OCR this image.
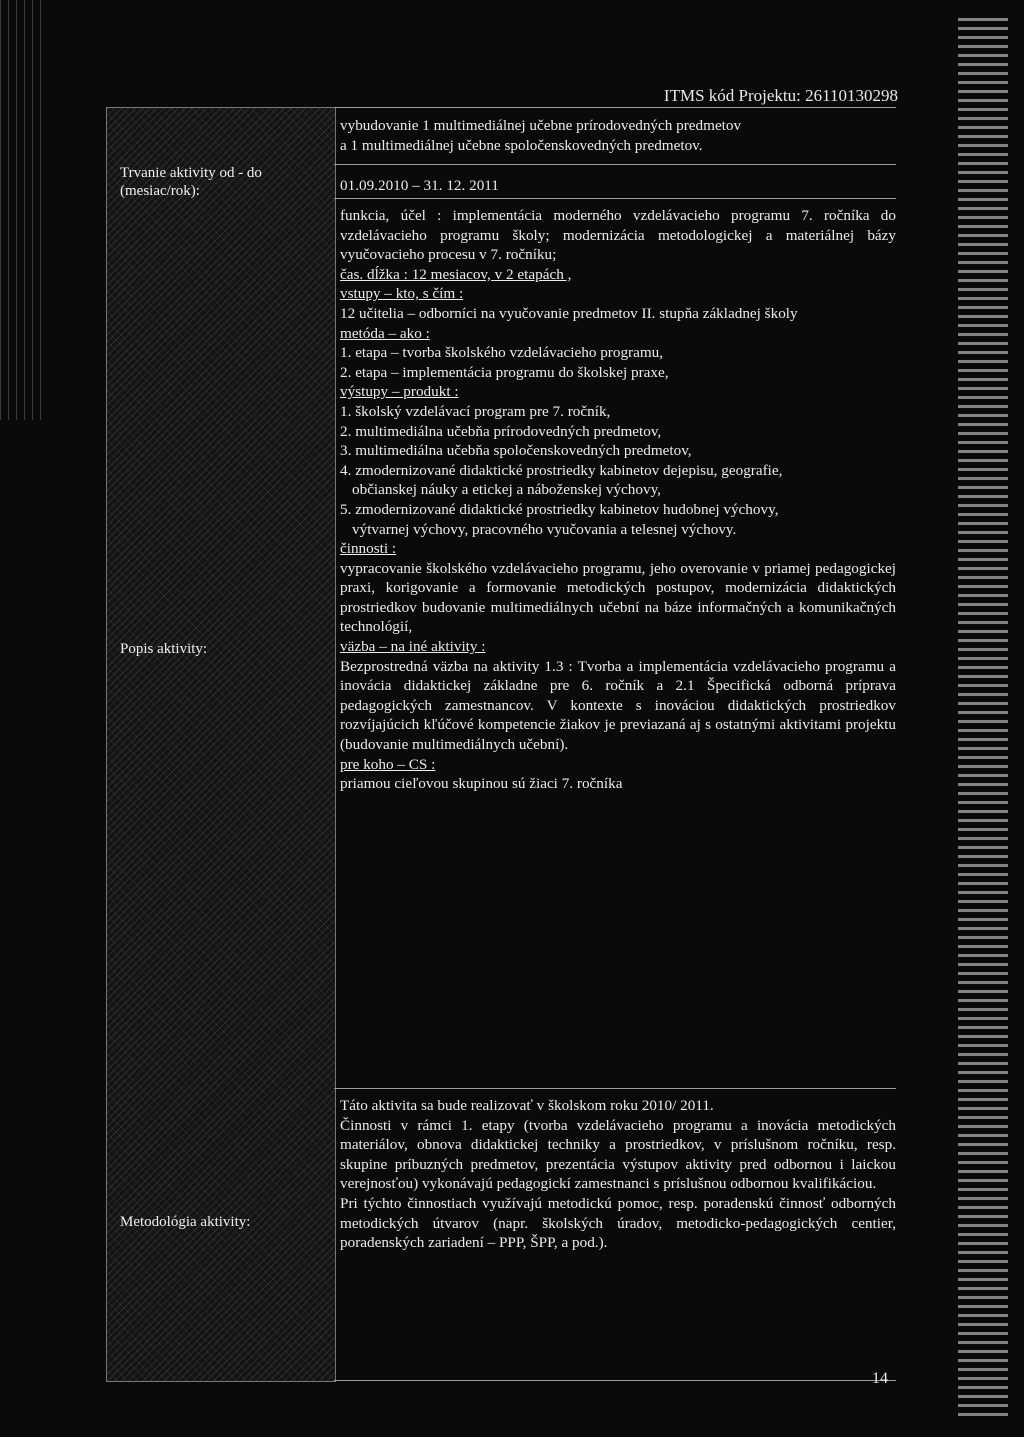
ITMS kód Projektu: 26110130298
Trvanie aktivity od - do (mesiac/rok):
Popis aktivity:
Metodológia aktivity:

vybudovanie 1 multimediálnej učebne prírodovedných predmetov

a 1 multimediálnej učebne spoločenskovedných predmetov.

01.09.2010 – 31. 12. 2011

funkcia, účel : implementácia moderného vzdelávacieho programu 7. ročníka do vzdelávacieho programu školy; modernizácia metodologickej a materiálnej bázy vyučovacieho procesu v 7. ročníku;

čas. dĺžka : 12 mesiacov, v 2 etapách ,

vstupy – kto, s čím :

12 učitelia – odborníci na vyučovanie predmetov II. stupňa základnej školy

metóda – ako :

1. etapa – tvorba školského vzdelávacieho programu,

2. etapa – implementácia programu do školskej praxe,

výstupy – produkt :

1. školský vzdelávací program pre 7. ročník,

2. multimediálna učebňa prírodovedných predmetov,

3. multimediálna učebňa spoločenskovedných predmetov,

4. zmodernizované didaktické prostriedky kabinetov dejepisu, geografie,

občianskej náuky a etickej a náboženskej výchovy,

5. zmodernizované didaktické prostriedky kabinetov hudobnej výchovy,

výtvarnej výchovy, pracovného vyučovania a telesnej výchovy.

činnosti :

vypracovanie školského vzdelávacieho programu, jeho overovanie v priamej pedagogickej praxi, korigovanie a formovanie metodických postupov, modernizácia didaktických prostriedkov budovanie multimediálnych učební na báze informačných a komunikačných technológií,

väzba – na iné aktivity :

Bezprostredná väzba na aktivity 1.3 : Tvorba a implementácia vzdelávacieho programu a inovácia didaktickej základne pre 6. ročník a 2.1 Špecifická odborná príprava pedagogických zamestnancov. V kontexte s inováciou didaktických prostriedkov rozvíjajúcich kľúčové kompetencie žiakov je previazaná aj s ostatnými aktivitami projektu (budovanie multimediálnych učební).

pre koho – CS :

priamou cieľovou skupinou sú žiaci 7. ročníka

Táto aktivita sa bude realizovať v školskom roku 2010/ 2011.

Činnosti v rámci 1. etapy (tvorba vzdelávacieho programu a inovácia metodických materiálov, obnova didaktickej techniky a prostriedkov, v príslušnom ročníku, resp. skupine príbuzných predmetov, prezentácia výstupov aktivity pred odbornou i laickou verejnosťou) vykonávajú pedagogickí zamestnanci s príslušnou odbornou kvalifikáciou.

Pri týchto činnostiach využívajú metodickú pomoc, resp. poradenskú činnosť odborných metodických útvarov (napr. školských úradov, metodicko-pedagogických centier, poradenských zariadení – PPP, ŠPP, a pod.).

14
